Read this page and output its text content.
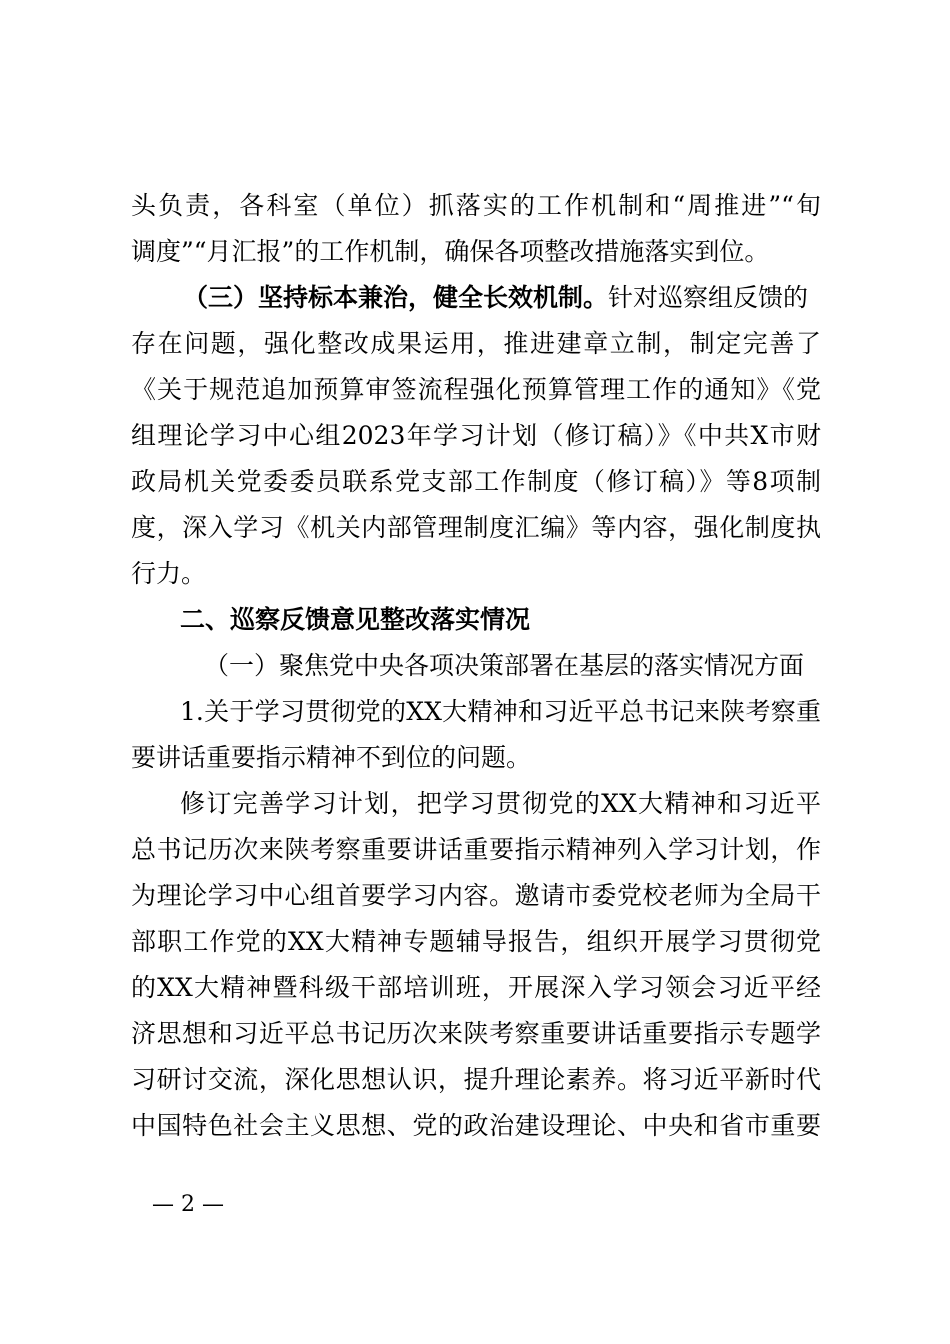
头负责，各科室（单位）抓落实的工作机制和“周推进”“旬
调度”“月汇报”的工作机制，确保各项整改措施落实到位。
（三）坚持标本兼治，健全长效机制。针对巡察组反馈的
存在问题，强化整改成果运用，推进建章立制，制定完善了
《关于规范追加预算审签流程强化预算管理工作的通知》《党
组理论学习中心组2023年学习计划（修订稿）》《中共X市财
政局机关党委委员联系党支部工作制度（修订稿）》等8项制
度，深入学习《机关内部管理制度汇编》等内容，强化制度执
行力。
二、巡察反馈意见整改落实情况
（一）聚焦党中央各项决策部署在基层的落实情况方面
1.关于学习贯彻党的XX大精神和习近平总书记来陕考察重
要讲话重要指示精神不到位的问题。
修订完善学习计划，把学习贯彻党的XX大精神和习近平
总书记历次来陕考察重要讲话重要指示精神列入学习计划，作
为理论学习中心组首要学习内容。邀请市委党校老师为全局干
部职工作党的XX大精神专题辅导报告，组织开展学习贯彻党
的XX大精神暨科级干部培训班，开展深入学习领会习近平经
济思想和习近平总书记历次来陕考察重要讲话重要指示专题学
习研讨交流，深化思想认识，提升理论素养。将习近平新时代
中国特色社会主义思想、党的政治建设理论、中央和省市重要
— 2 —
